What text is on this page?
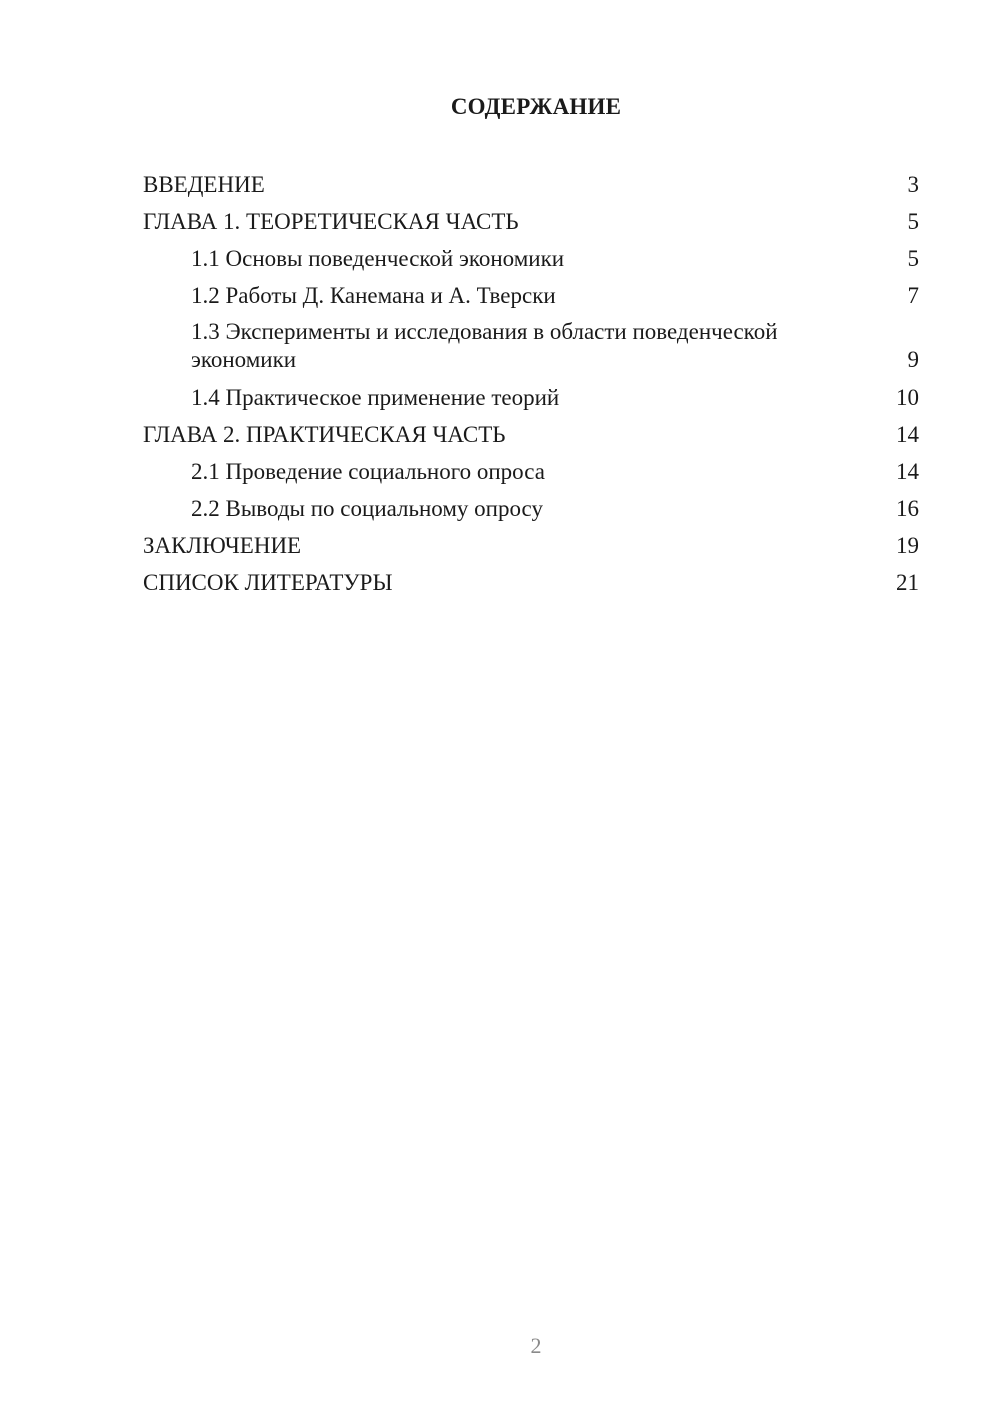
СОДЕРЖАНИЕ
ВВЕДЕНИЕ	3
ГЛАВА 1. ТЕОРЕТИЧЕСКАЯ ЧАСТЬ	5
1.1 Основы поведенческой экономики	5
1.2 Работы Д. Канемана и А. Тверски	7
1.3 Эксперименты и исследования в области поведенческой экономики	9
1.4 Практическое применение теорий	10
ГЛАВА 2. ПРАКТИЧЕСКАЯ ЧАСТЬ	14
2.1 Проведение социального опроса	14
2.2 Выводы по социальному опросу	16
ЗАКЛЮЧЕНИЕ	19
СПИСОК ЛИТЕРАТУРЫ	21
2
